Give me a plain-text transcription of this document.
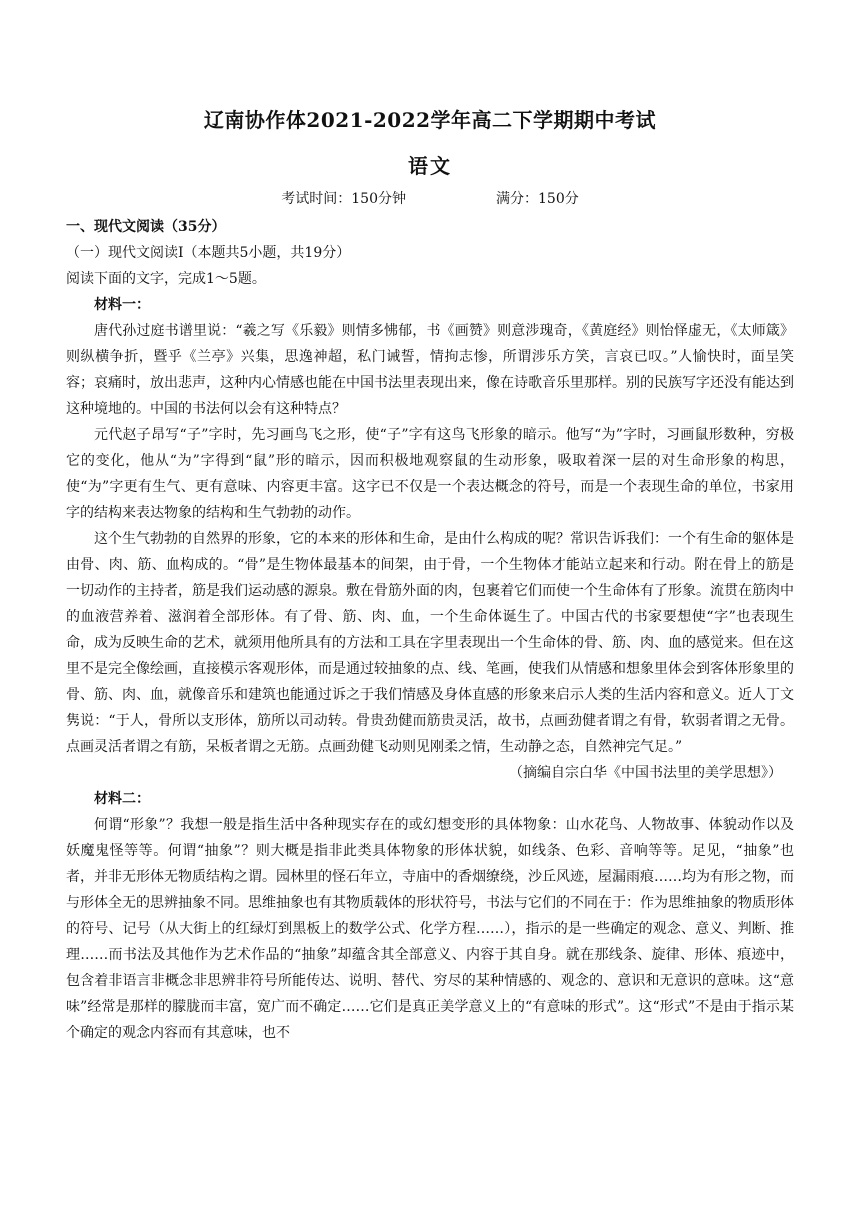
辽南协作体2021-2022学年高二下学期期中考试
语文
考试时间：150分钟	满分：150分

一、现代文阅读（35分）

（一）现代文阅读Ⅰ（本题共5小题，共19分）

阅读下面的文字，完成1～5题。

材料一：

唐代孙过庭书谱里说：“羲之写《乐毅》则情多怫郁，书《画赞》则意涉瑰奇，《黄庭经》则怡怿虚无，《太师箴》则纵横争折，暨乎《兰亭》兴集，思逸神超，私门诫誓，情拘志惨，所谓涉乐方笑，言哀已叹。”人愉快时，面呈笑容；哀痛时，放出悲声，这种内心情感也能在中国书法里表现出来，像在诗歌音乐里那样。别的民族写字还没有能达到这种境地的。中国的书法何以会有这种特点？

元代赵子昂写“子”字时，先习画鸟飞之形，使“子”字有这鸟飞形象的暗示。他写“为”字时，习画鼠形数种，穷极它的变化，他从“为”字得到“鼠”形的暗示，因而积极地观察鼠的生动形象，吸取着深一层的对生命形象的构思，使“为”字更有生气、更有意味、内容更丰富。这字已不仅是一个表达概念的符号，而是一个表现生命的单位，书家用字的结构来表达物象的结构和生气勃勃的动作。

这个生气勃勃的自然界的形象，它的本来的形体和生命，是由什么构成的呢？常识告诉我们：一个有生命的躯体是由骨、肉、筋、血构成的。“骨”是生物体最基本的间架，由于骨，一个生物体才能站立起来和行动。附在骨上的筋是一切动作的主持者，筋是我们运动感的源泉。敷在骨筋外面的肉，包裹着它们而使一个生命体有了形象。流贯在筋肉中的血液营养着、滋润着全部形体。有了骨、筋、肉、血，一个生命体诞生了。中国古代的书家要想使“字”也表现生命，成为反映生命的艺术，就须用他所具有的方法和工具在字里表现出一个生命体的骨、筋、肉、血的感觉来。但在这里不是完全像绘画，直接模示客观形体，而是通过较抽象的点、线、笔画，使我们从情感和想象里体会到客体形象里的骨、筋、肉、血，就像音乐和建筑也能通过诉之于我们情感及身体直感的形象来启示人类的生活内容和意义。近人丁文隽说：“于人，骨所以支形体，筋所以司动转。骨贵劲健而筋贵灵活，故书，点画劲健者谓之有骨，软弱者谓之无骨。点画灵活者谓之有筋，呆板者谓之无筋。点画劲健飞动则见刚柔之情，生动静之态，自然神完气足。”

（摘编自宗白华《中国书法里的美学思想》）

材料二：

何谓“形象”？我想一般是指生活中各种现实存在的或幻想变形的具体物象：山水花鸟、人物故事、体貌动作以及妖魔鬼怪等等。何谓“抽象”？则大概是指非此类具体物象的形体状貌，如线条、色彩、音响等等。足见，“抽象”也者，并非无形体无物质结构之谓。园林里的怪石年立，寺庙中的香烟缭绕，沙丘风迹，屋漏雨痕……均为有形之物，而与形体全无的思辨抽象不同。思维抽象也有其物质载体的形状符号，书法与它们的不同在于：作为思维抽象的物质形体的符号、记号（从大街上的红绿灯到黑板上的数学公式、化学方程……），指示的是一些确定的观念、意义、判断、推理……而书法及其他作为艺术作品的“抽象”却蕴含其全部意义、内容于其自身。就在那线条、旋律、形体、痕迹中，包含着非语言非概念非思辨非符号所能传达、说明、替代、穷尽的某种情感的、观念的、意识和无意识的意味。这“意味”经常是那样的朦胧而丰富，宽广而不确定……它们是真正美学意义上的“有意味的形式”。这“形式”不是由于指示某个确定的观念内容而有其意味，也不
